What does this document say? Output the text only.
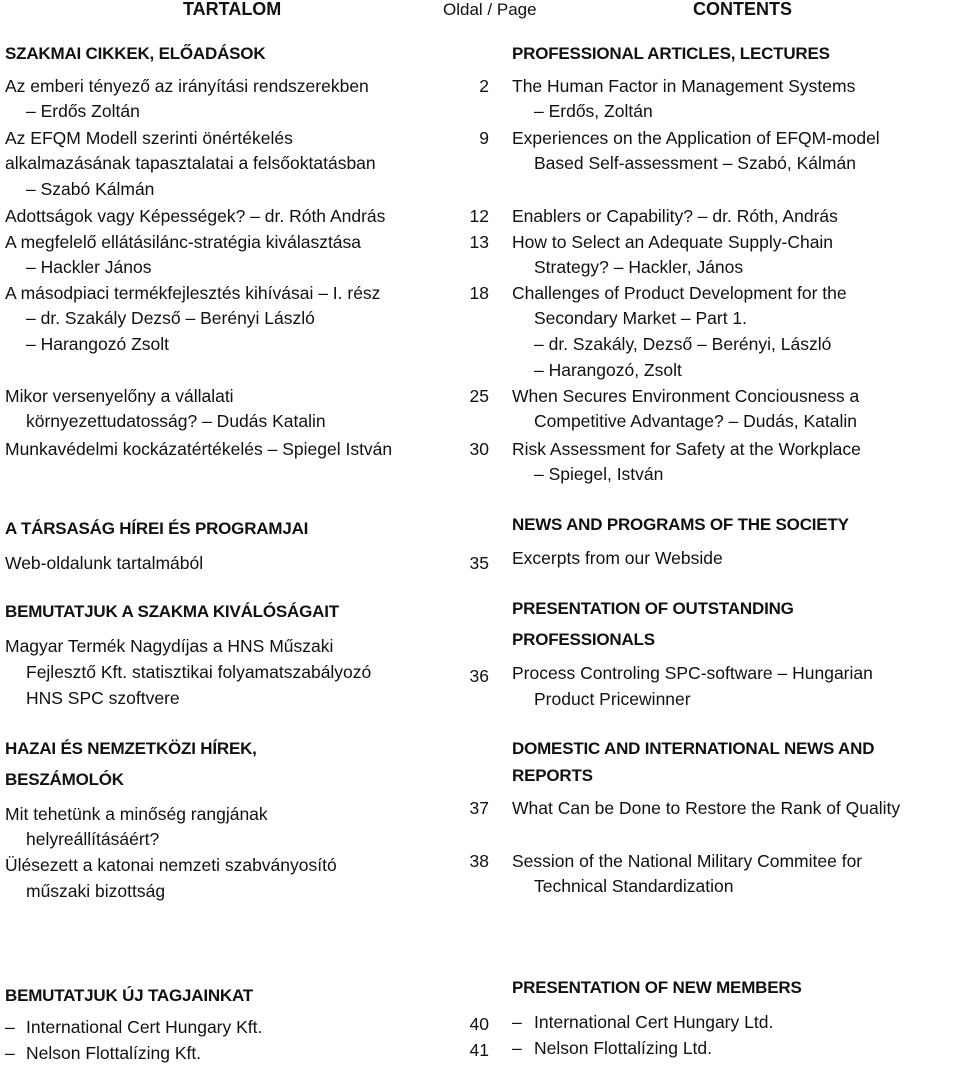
TARTALOM	Oldal / Page	CONTENTS
SZAKMAI CIKKEK, ELŐADÁSOK
Az emberi tényező az irányítási rendszerekben
– Erdős Zoltán
Az EFQM Modell szerinti önértékelés
alkalmazásának tapasztalatai a felsőoktatásban
– Szabó Kálmán
Adottságok vagy Képességek? – dr. Róth András
A megfelelő ellátásilánc-stratégia kiválasztása
– Hackler János
A másodpiaci termékfejlesztés kihívásai – I. rész
– dr. Szakály Dezső – Berényi László
– Harangozó Zsolt
Mikor versenyelőny a vállalati
környezettudatosság? – Dudás Katalin
Munkavédelmi kockázatértékelés – Spiegel István
A TÁRSASÁG HÍREI ÉS PROGRAMJAI
Web-oldalunk tartalmából
BEMUTATJUK A SZAKMA KIVÁLÓSÁGAIT
Magyar Termék Nagydíjas a HNS Műszaki
Fejlesztő Kft. statisztikai folyamatszabályozó
HNS SPC szoftvere
HAZAI ÉS NEMZETKÖZI HÍREK,
BESZÁMOLÓK
Mit tehetünk a minőség rangjának
helyreállításáért?
Ülésezett a katonai nemzeti szabványosító
műszaki bizottság
BEMUTATJUK ÚJ TAGJAINKAT
– International Cert Hungary Kft.
– Nelson Flottalízing Kft.
2
9
12
13
18
25
30
35
36
37
38
40
41
PROFESSIONAL ARTICLES, LECTURES
The Human Factor in Management Systems
– Erdős, Zoltán
Experiences on the Application of EFQM-model
Based Self-assessment – Szabó, Kálmán
Enablers or Capability? – dr. Róth, András
How to Select an Adequate Supply-Chain
Strategy? – Hackler, János
Challenges of Product Development for the
Secondary Market – Part 1.
– dr. Szakály, Dezső – Berényi, László
– Harangozó, Zsolt
When Secures Environment Conciousness a
Competitive Advantage? – Dudás, Katalin
Risk Assessment for Safety at the Workplace
– Spiegel, István
NEWS AND PROGRAMS OF THE SOCIETY
Excerpts from our Webside
PRESENTATION OF OUTSTANDING
PROFESSIONALS
Process Controling SPC-software – Hungarian
Product Pricewinner
DOMESTIC AND INTERNATIONAL NEWS AND
REPORTS
What Can be Done to Restore the Rank of Quality
Session of the National Military Commitee for
Technical Standardization
PRESENTATION OF NEW MEMBERS
– International Cert Hungary Ltd.
– Nelson Flottalízing Ltd.
